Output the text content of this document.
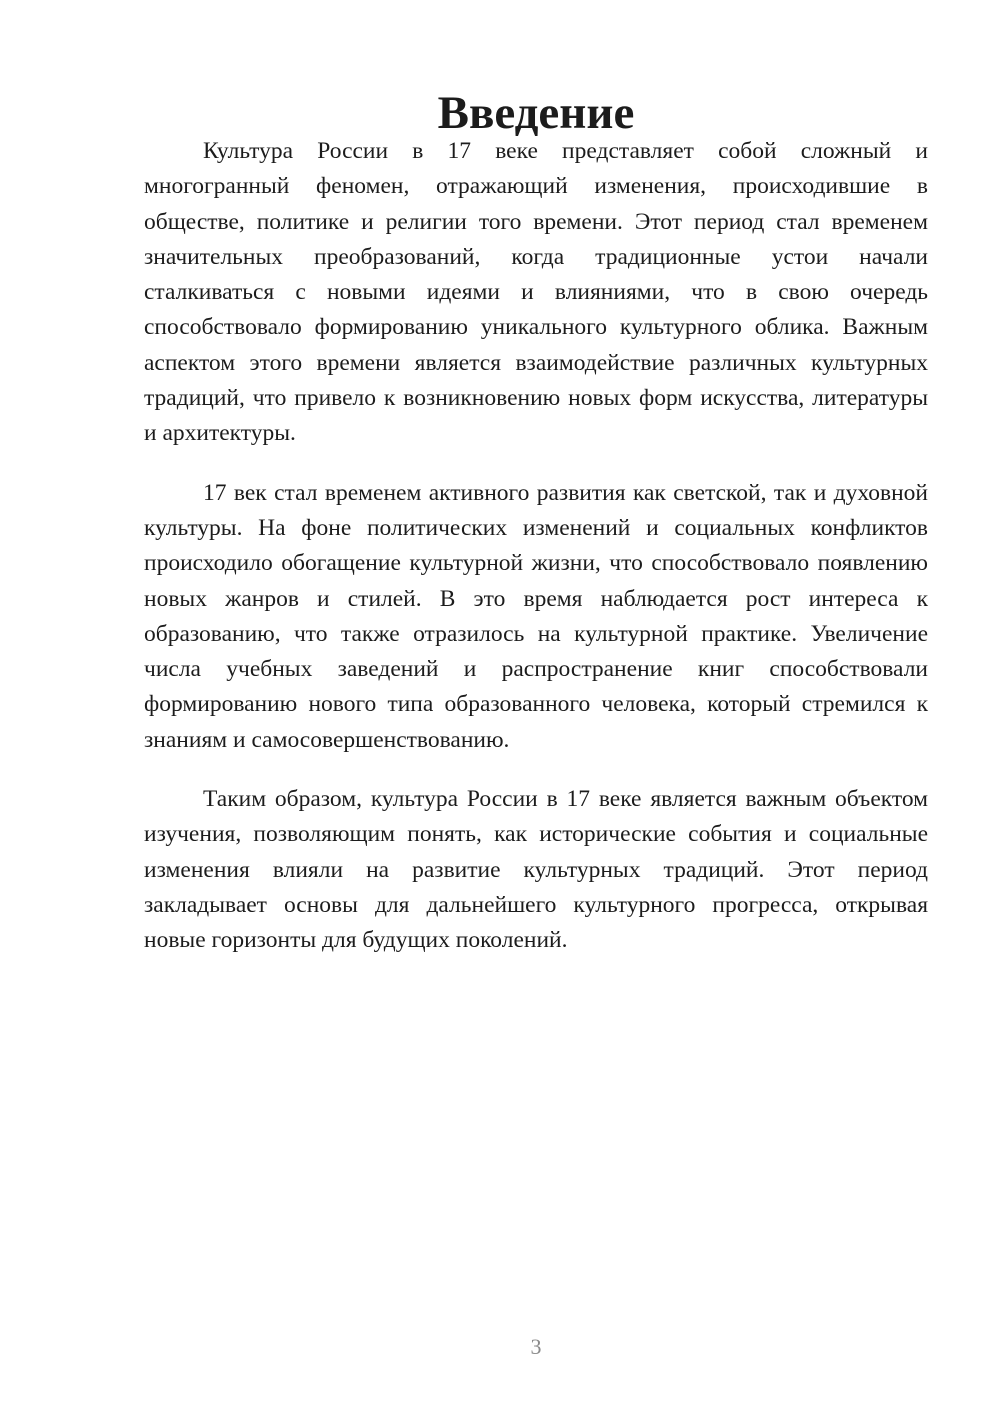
Введение

Культура России в 17 веке представляет собой сложный и многогранный феномен, отражающий изменения, происходившие в обществе, политике и религии того времени. Этот период стал временем значительных преобразований, когда традиционные устои начали сталкиваться с новыми идеями и влияниями, что в свою очередь способствовало формированию уникального культурного облика. Важным аспектом этого времени является взаимодействие различных культурных традиций, что привело к возникновению новых форм искусства, литературы и архитектуры.

17 век стал временем активного развития как светской, так и духовной культуры. На фоне политических изменений и социальных конфликтов происходило обогащение культурной жизни, что способствовало появлению новых жанров и стилей. В это время наблюдается рост интереса к образованию, что также отразилось на культурной практике. Увеличение числа учебных заведений и распространение книг способствовали формированию нового типа образованного человека, который стремился к знаниям и самосовершенствованию.

Таким образом, культура России в 17 веке является важным объектом изучения, позволяющим понять, как исторические события и социальные изменения влияли на развитие культурных традиций. Этот период закладывает основы для дальнейшего культурного прогресса, открывая новые горизонты для будущих поколений.

3
